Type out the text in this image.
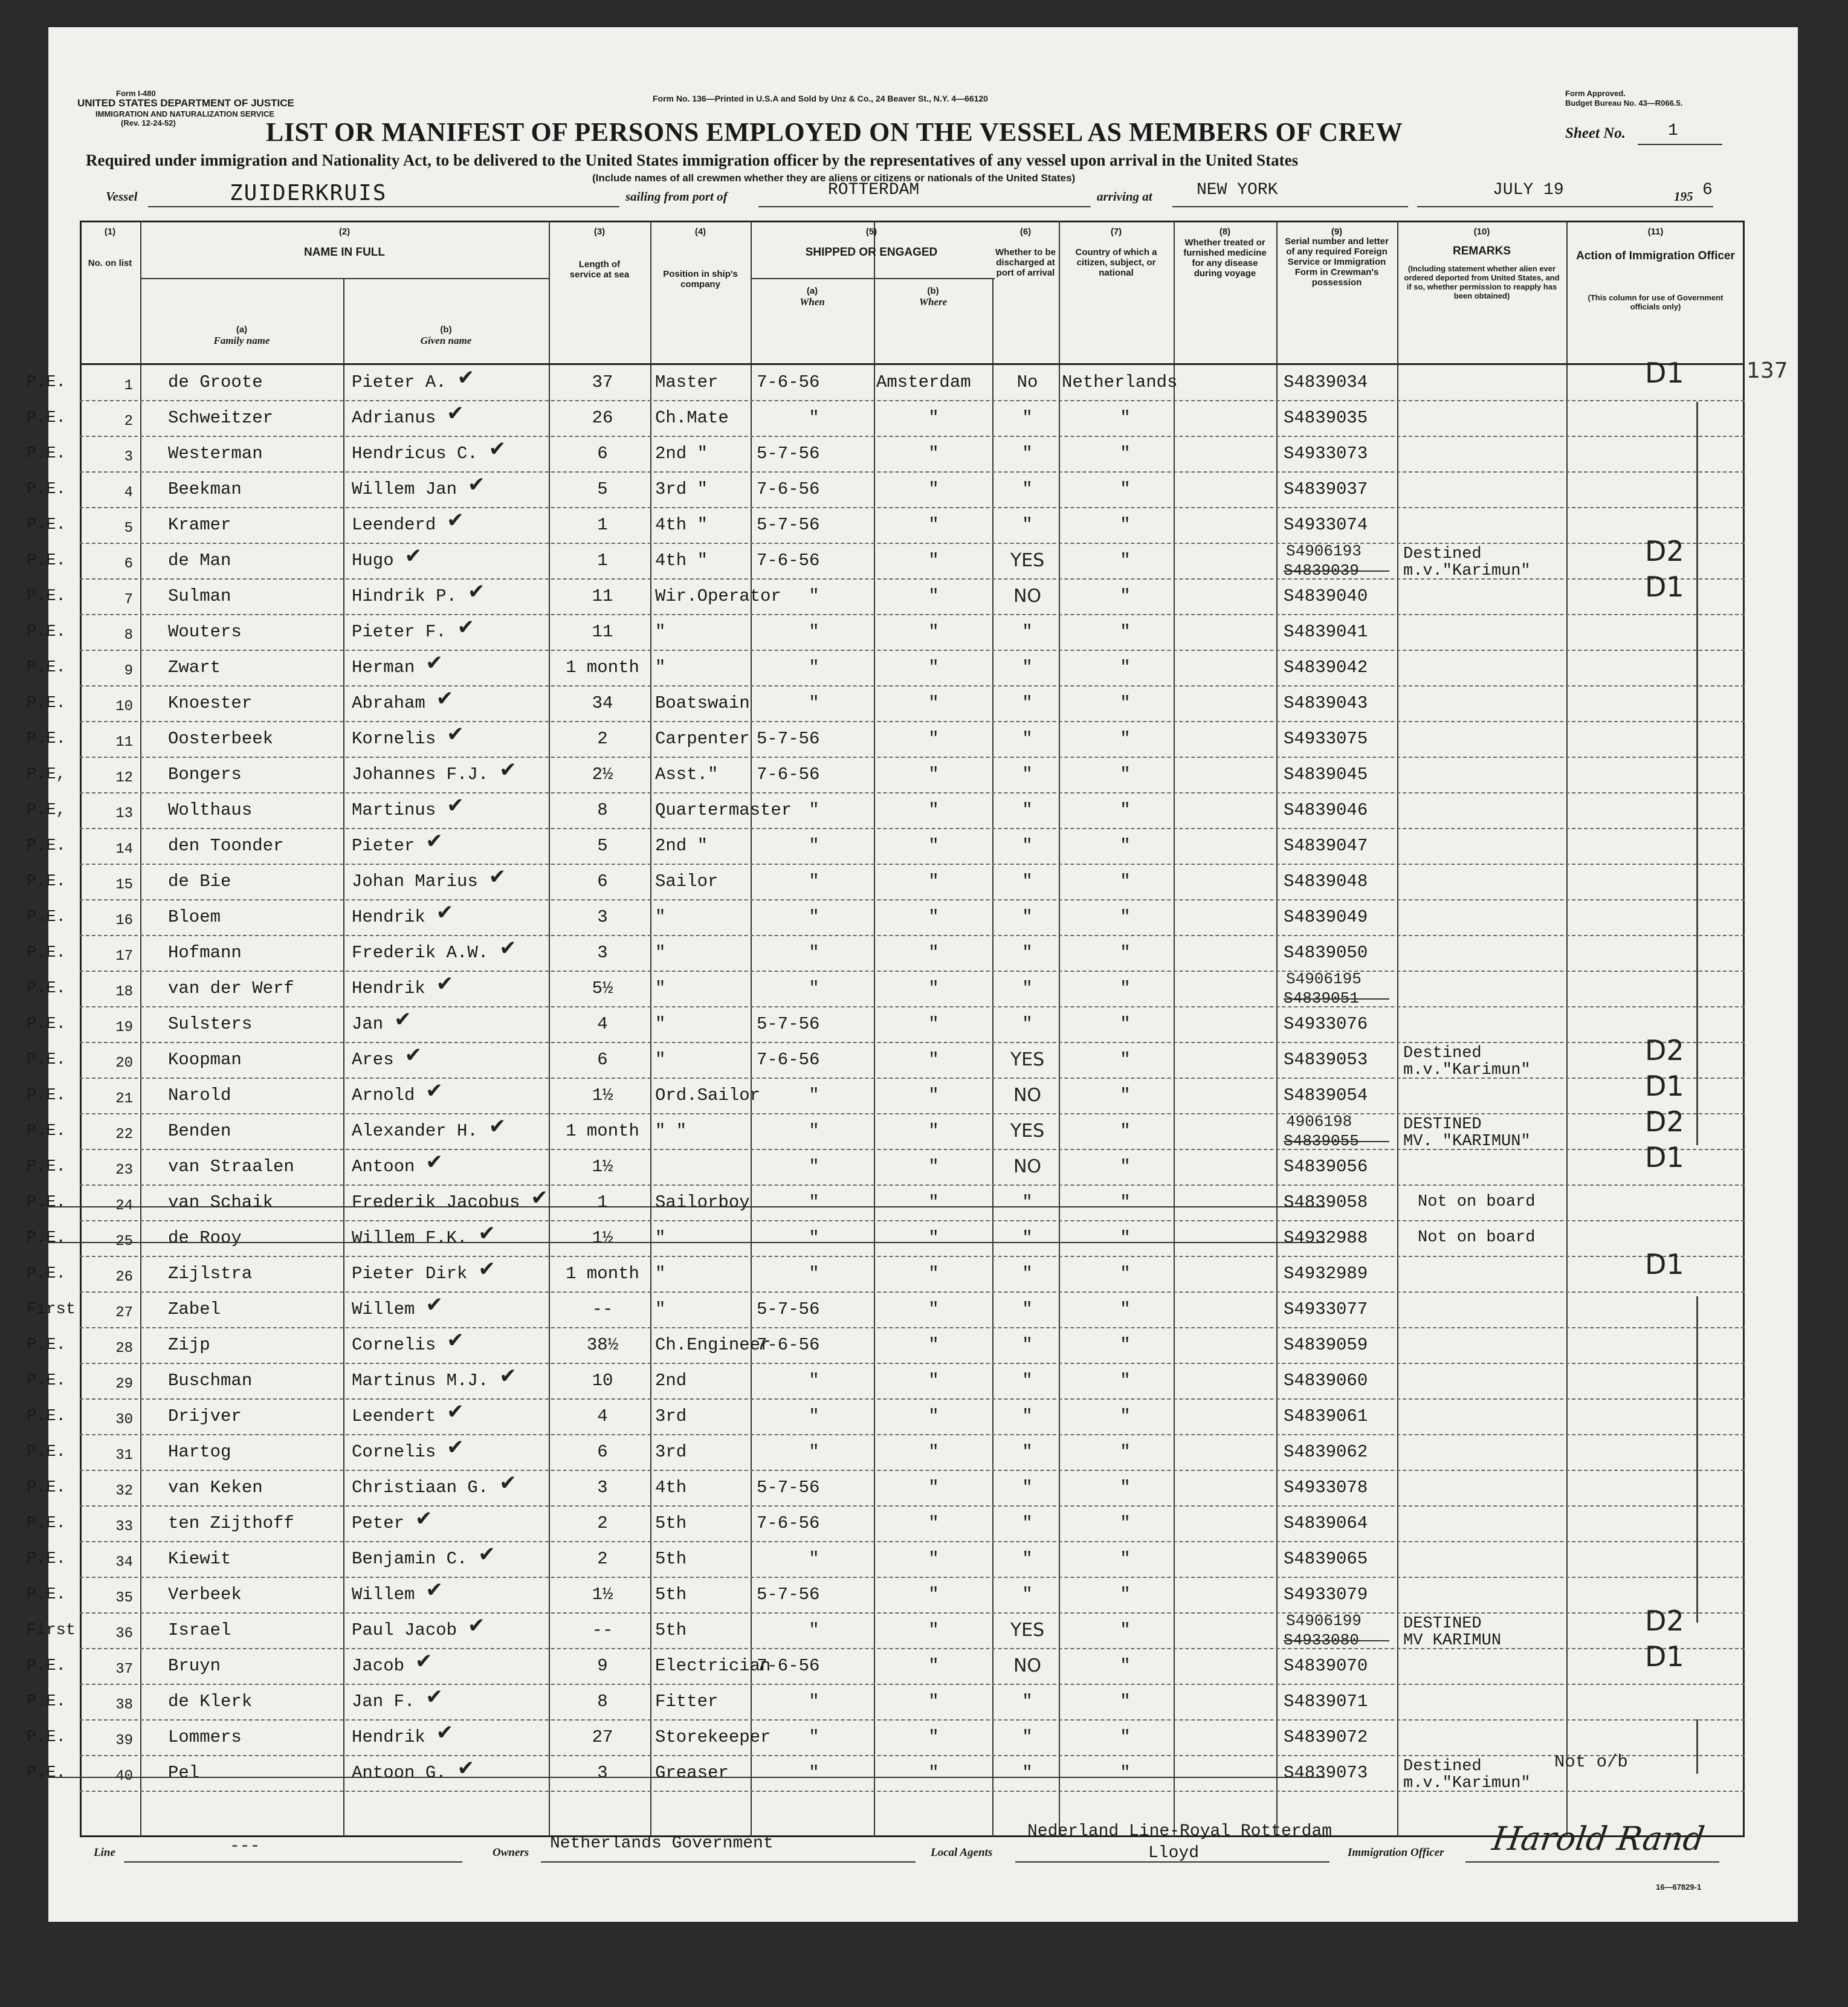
Form I-480
UNITED STATES DEPARTMENT OF JUSTICE
IMMIGRATION AND NATURALIZATION SERVICE
(Rev. 12-24-52)
Form No. 136—Printed in U.S.A and Sold by Unz & Co., 24 Beaver St., N.Y. 4—66120
Form Approved.
Budget Bureau No. 43—R066.5.
LIST OR MANIFEST OF PERSONS EMPLOYED ON THE VESSEL AS MEMBERS OF CREW	Sheet No.	1
Required under immigration and Nationality Act, to be delivered to the United States immigration officer by the representatives of any vessel upon arrival in the United States
(Include names of all crewmen whether they are aliens or citizens or nationals of the United States)
Vessel	ZUIDERKRUIS	sailing from port of	ROTTERDAM	arriving at	NEW YORK	JULY 19	195 6
137
(1)
No. on list
(2)
NAME IN FULL
(a)
Family name
(b)
Given name
(3)
Length of service at sea
(4)
Position in ship's company
(5)
SHIPPED OR ENGAGED
(a)
When
(b)
Where
(6)
Whether to be discharged at port of arrival
(7)
Country of which a citizen, subject, or national
(8)
Whether treated or furnished medicine for any disease during voyage
(9)
Serial number and letter of any required Foreign Service or Immigration Form in Crewman's possession
(10)
REMARKS
(Including statement whether alien ever ordered deported from United States, and if so, whether permission to reapply has been obtained)
(11)
Action of Immigration Officer
(This column for use of Government officials only)
P.E.	1 de Groote	Pieter A. ✔	37	Master	7-6-56	Amsterdam	No	Netherlands	S4839034	D1
P.E.	2 Schweitzer	Adrianus ✔	26	Ch.Mate	"	"	"	"	S4839035
P.E.	3 Westerman	Hendricus C. ✔	6	2nd "	5-7-56	"	"	"	S4933073
P.E.	4 Beekman	Willem Jan ✔	5	3rd "	7-6-56	"	"	"	S4839037
P.E.	5 Kramer	Leenderd ✔	1	4th "	5-7-56	"	"	"	S4933074
P.E.	6 de Man	Hugo ✔	1	4th "	7-6-56	"	YES	"	S4839039
S4906193	Destined
m.v."Karimun"
D2
P.E.	7 Sulman	Hindrik P. ✔	11	Wir.Operator	"	"	NO	"	S4839040	D1
P.E.	8 Wouters	Pieter F. ✔	11	"	"	"	"	"	S4839041
P.E.	9 Zwart	Herman ✔	1 month "	"	"	"	"	S4839042
P.E.	10 Knoester	Abraham ✔	34	Boatswain	"	"	"	"	S4839043
P.E.	11 Oosterbeek	Kornelis ✔	2	Carpenter 5-7-56	"	"	"	S4933075
P.E,	12 Bongers	Johannes F.J. ✔	2½	Asst."	7-6-56	"	"	"	S4839045
P.E,	13 Wolthaus	Martinus ✔	8	Quartermaster "	"	"	"	S4839046
P.E.	14 den Toonder	Pieter ✔	5	2nd "	"	"	"	"	S4839047
P.E.	15 de Bie	Johan Marius ✔	6	Sailor	"	"	"	"	S4839048
P.E.	16 Bloem	Hendrik ✔	3	"	"	"	"	"	S4839049
P.E.	17 Hofmann	Frederik A.W. ✔	3	"	"	"	"	"	S4839050
P.E.	18 van der Werf	Hendrik ✔	5½	"	"	"	"	"	S4839051
S4906195
P.E.	19 Sulsters	Jan ✔	4	"	5-7-56	"	"	"	S4933076
P.E.	20 Koopman	Ares ✔	6	"	7-6-56	"	YES	"	S4839053	Destined
m.v."Karimun"
D2
P.E.	21 Narold	Arnold ✔	1½	Ord.Sailor	"	"	NO	"	S4839054	D1
P.E.	22 Benden	Alexander H. ✔	1 month " "	"	"	YES	"	S4839055
4906198	DESTINED
MV. "KARIMUN"
D2
P.E.	23 van Straalen	Antoon ✔	1½	"	"	NO	"	S4839056	D1
P.E.	24 van Schaik	Frederik Jacobus ✔	1	Sailorboy	"	"	"	"	S4839058	Not on board
P.E.	25 de Rooy	Willem F.K. ✔	1½	"	"	"	"	"	S4932988	Not on board
P.E.	26 Zijlstra	Pieter Dirk ✔	1 month "	"	"	"	"	S4932989	D1
First	27 Zabel	Willem ✔	--	"	5-7-56	"	"	"	S4933077
P.E.	28 Zijp	Cornelis ✔	38½	Ch.Engineer
7-6-56	"	"	"	S4839059
P.E.	29 Buschman	Martinus M.J. ✔	10	2nd	"	"	"	"	S4839060
P.E.	30 Drijver	Leendert ✔	4	3rd	"	"	"	"	S4839061
P.E.	31 Hartog	Cornelis ✔	6	3rd	"	"	"	"	S4839062
P.E.	32 van Keken	Christiaan G. ✔	3	4th	5-7-56	"	"	"	S4933078
P.E.	33 ten Zijthoff	Peter ✔	2	5th	7-6-56	"	"	"	S4839064
P.E.	34 Kiewit	Benjamin C. ✔	2	5th	"	"	"	"	S4839065
P.E.	35 Verbeek	Willem ✔	1½	5th	5-7-56	"	"	"	S4933079
First	36 Israel	Paul Jacob ✔	--	5th	"	"	YES	"	S4933080
S4906199	DESTINED
MV KARIMUN
D2
P.E.	37 Bruyn	Jacob ✔	9	Electrician
7-6-56	"	NO	"	S4839070	D1
P.E.	38 de Klerk	Jan F. ✔	8	Fitter	"	"	"	"	S4839071
P.E.	39 Lommers	Hendrik ✔	27	Storekeeper	"	"	"	"	S4839072
P.E.	40 Pel	Antoon G. ✔	3	Greaser	"	"	"	"	S4839073	Destined
m.v."Karimun"
Not o/b
Line	---	Owners Netherlands Government	Local Agents
Nederland Line-Royal Rotterdam
Lloyd	Immigration Officer Harold Rand
16—67829-1
